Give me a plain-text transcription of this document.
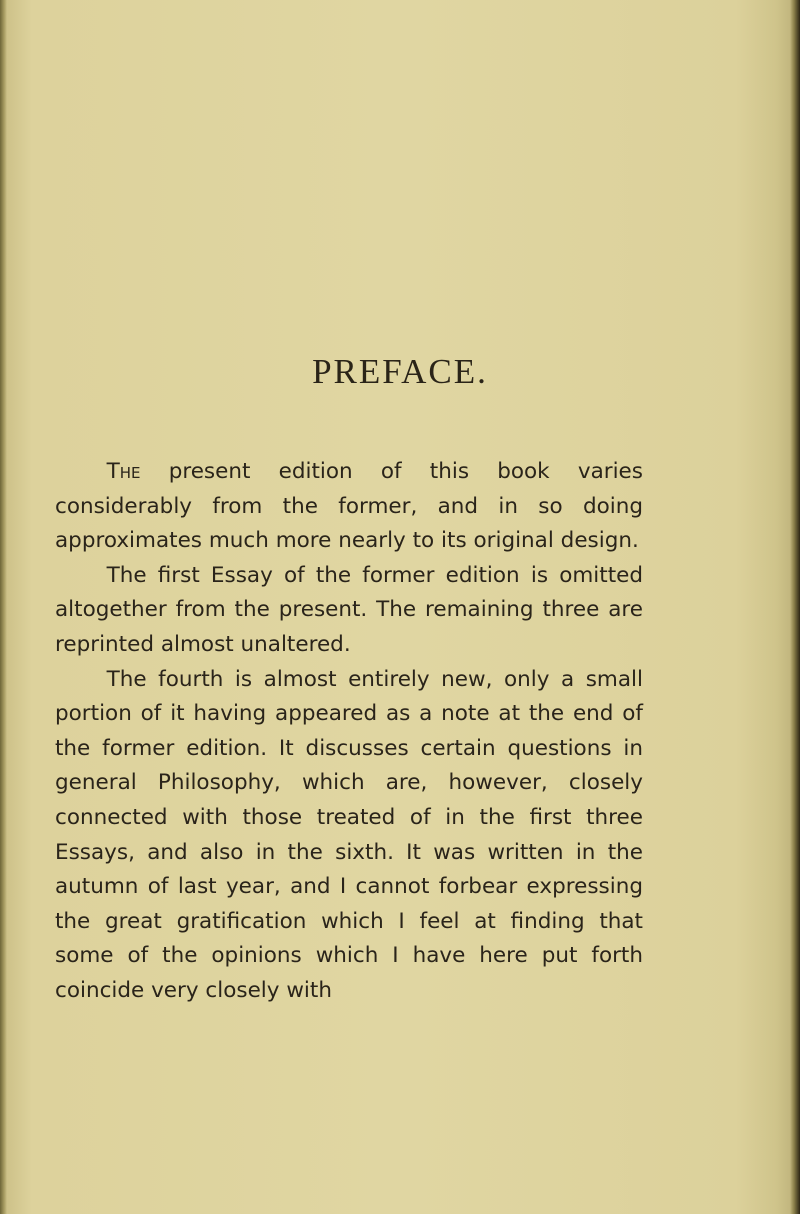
PREFACE.

The present edition of this book varies considerably from the former, and in so doing approximates much more nearly to its original design.

The first Essay of the former edition is omitted altogether from the present. The remaining three are reprinted almost unaltered.

The fourth is almost entirely new, only a small portion of it having appeared as a note at the end of the former edition. It discusses certain questions in general Philosophy, which are, however, closely connected with those treated of in the first three Essays, and also in the sixth. It was written in the autumn of last year, and I cannot forbear expressing the great gratification which I feel at finding that some of the opinions which I have here put forth coincide very closely with
